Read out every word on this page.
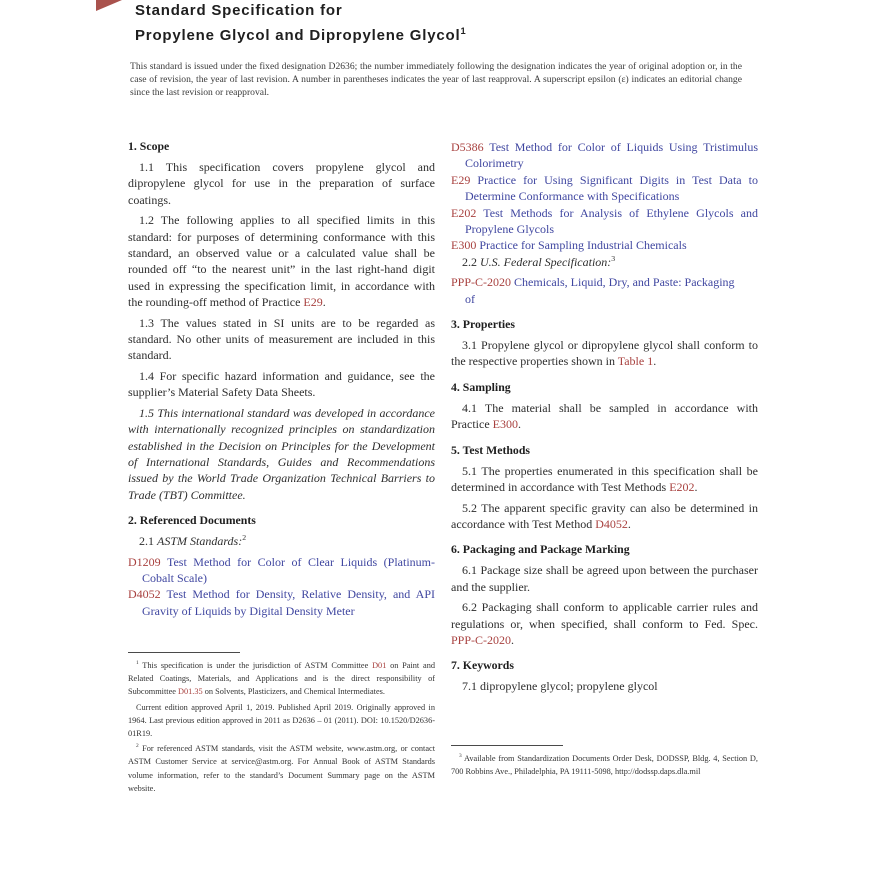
Standard Specification for
Propylene Glycol and Dipropylene Glycol$^1$
This standard is issued under the fixed designation D2636; the number immediately following the designation indicates the year of original adoption or, in the case of revision, the year of last revision. A number in parentheses indicates the year of last reapproval. A superscript epsilon (ε) indicates an editorial change since the last revision or reapproval.
1. Scope

1.1 This specification covers propylene glycol and dipropylene glycol for use in the preparation of surface coatings.

1.2 The following applies to all specified limits in this standard: for purposes of determining conformance with this standard, an observed value or a calculated value shall be rounded off “to the nearest unit” in the last right-hand digit used in expressing the specification limit, in accordance with the rounding-off method of Practice E29.

1.3 The values stated in SI units are to be regarded as standard. No other units of measurement are included in this standard.

1.4 For specific hazard information and guidance, see the supplier’s Material Safety Data Sheets.

1.5 This international standard was developed in accordance with internationally recognized principles on standardization established in the Decision on Principles for the Development of International Standards, Guides and Recommendations issued by the World Trade Organization Technical Barriers to Trade (TBT) Committee.

2. Referenced Documents

2.1 ASTM Standards:$^2$

D1209 Test Method for Color of Clear Liquids (Platinum-Cobalt Scale)

D4052 Test Method for Density, Relative Density, and API Gravity of Liquids by Digital Density Meter

D5386 Test Method for Color of Liquids Using Tristimulus Colorimetry

E29 Practice for Using Significant Digits in Test Data to Determine Conformance with Specifications

E202 Test Methods for Analysis of Ethylene Glycols and Propylene Glycols

E300 Practice for Sampling Industrial Chemicals

2.2 U.S. Federal Specification:$^3$

PPP-C-2020 Chemicals, Liquid, Dry, and Paste: Packaging
of

3. Properties

3.1 Propylene glycol or dipropylene glycol shall conform to the respective properties shown in Table 1.

4. Sampling

4.1 The material shall be sampled in accordance with Practice E300.

5. Test Methods

5.1 The properties enumerated in this specification shall be determined in accordance with Test Methods E202.

5.2 The apparent specific gravity can also be determined in accordance with Test Method D4052.

6. Packaging and Package Marking

6.1 Package size shall be agreed upon between the purchaser and the supplier.

6.2 Packaging shall conform to applicable carrier rules and regulations or, when specified, shall conform to Fed. Spec. PPP-C-2020.

7. Keywords

7.1 dipropylene glycol; propylene glycol

$^1$ This specification is under the jurisdiction of ASTM Committee D01 on Paint and Related Coatings, Materials, and Applications and is the direct responsibility of Subcommittee D01.35 on Solvents, Plasticizers, and Chemical Intermediates.

Current edition approved April 1, 2019. Published April 2019. Originally approved in 1964. Last previous edition approved in 2011 as D2636 – 01 (2011). DOI: 10.1520/D2636-01R19.

$^2$ For referenced ASTM standards, visit the ASTM website, www.astm.org, or contact ASTM Customer Service at service@astm.org. For Annual Book of ASTM Standards volume information, refer to the standard’s Document Summary page on the ASTM website.

$^3$ Available from Standardization Documents Order Desk, DODSSP, Bldg. 4, Section D, 700 Robbins Ave., Philadelphia, PA 19111-5098, http://dodssp.daps.dla.mil
